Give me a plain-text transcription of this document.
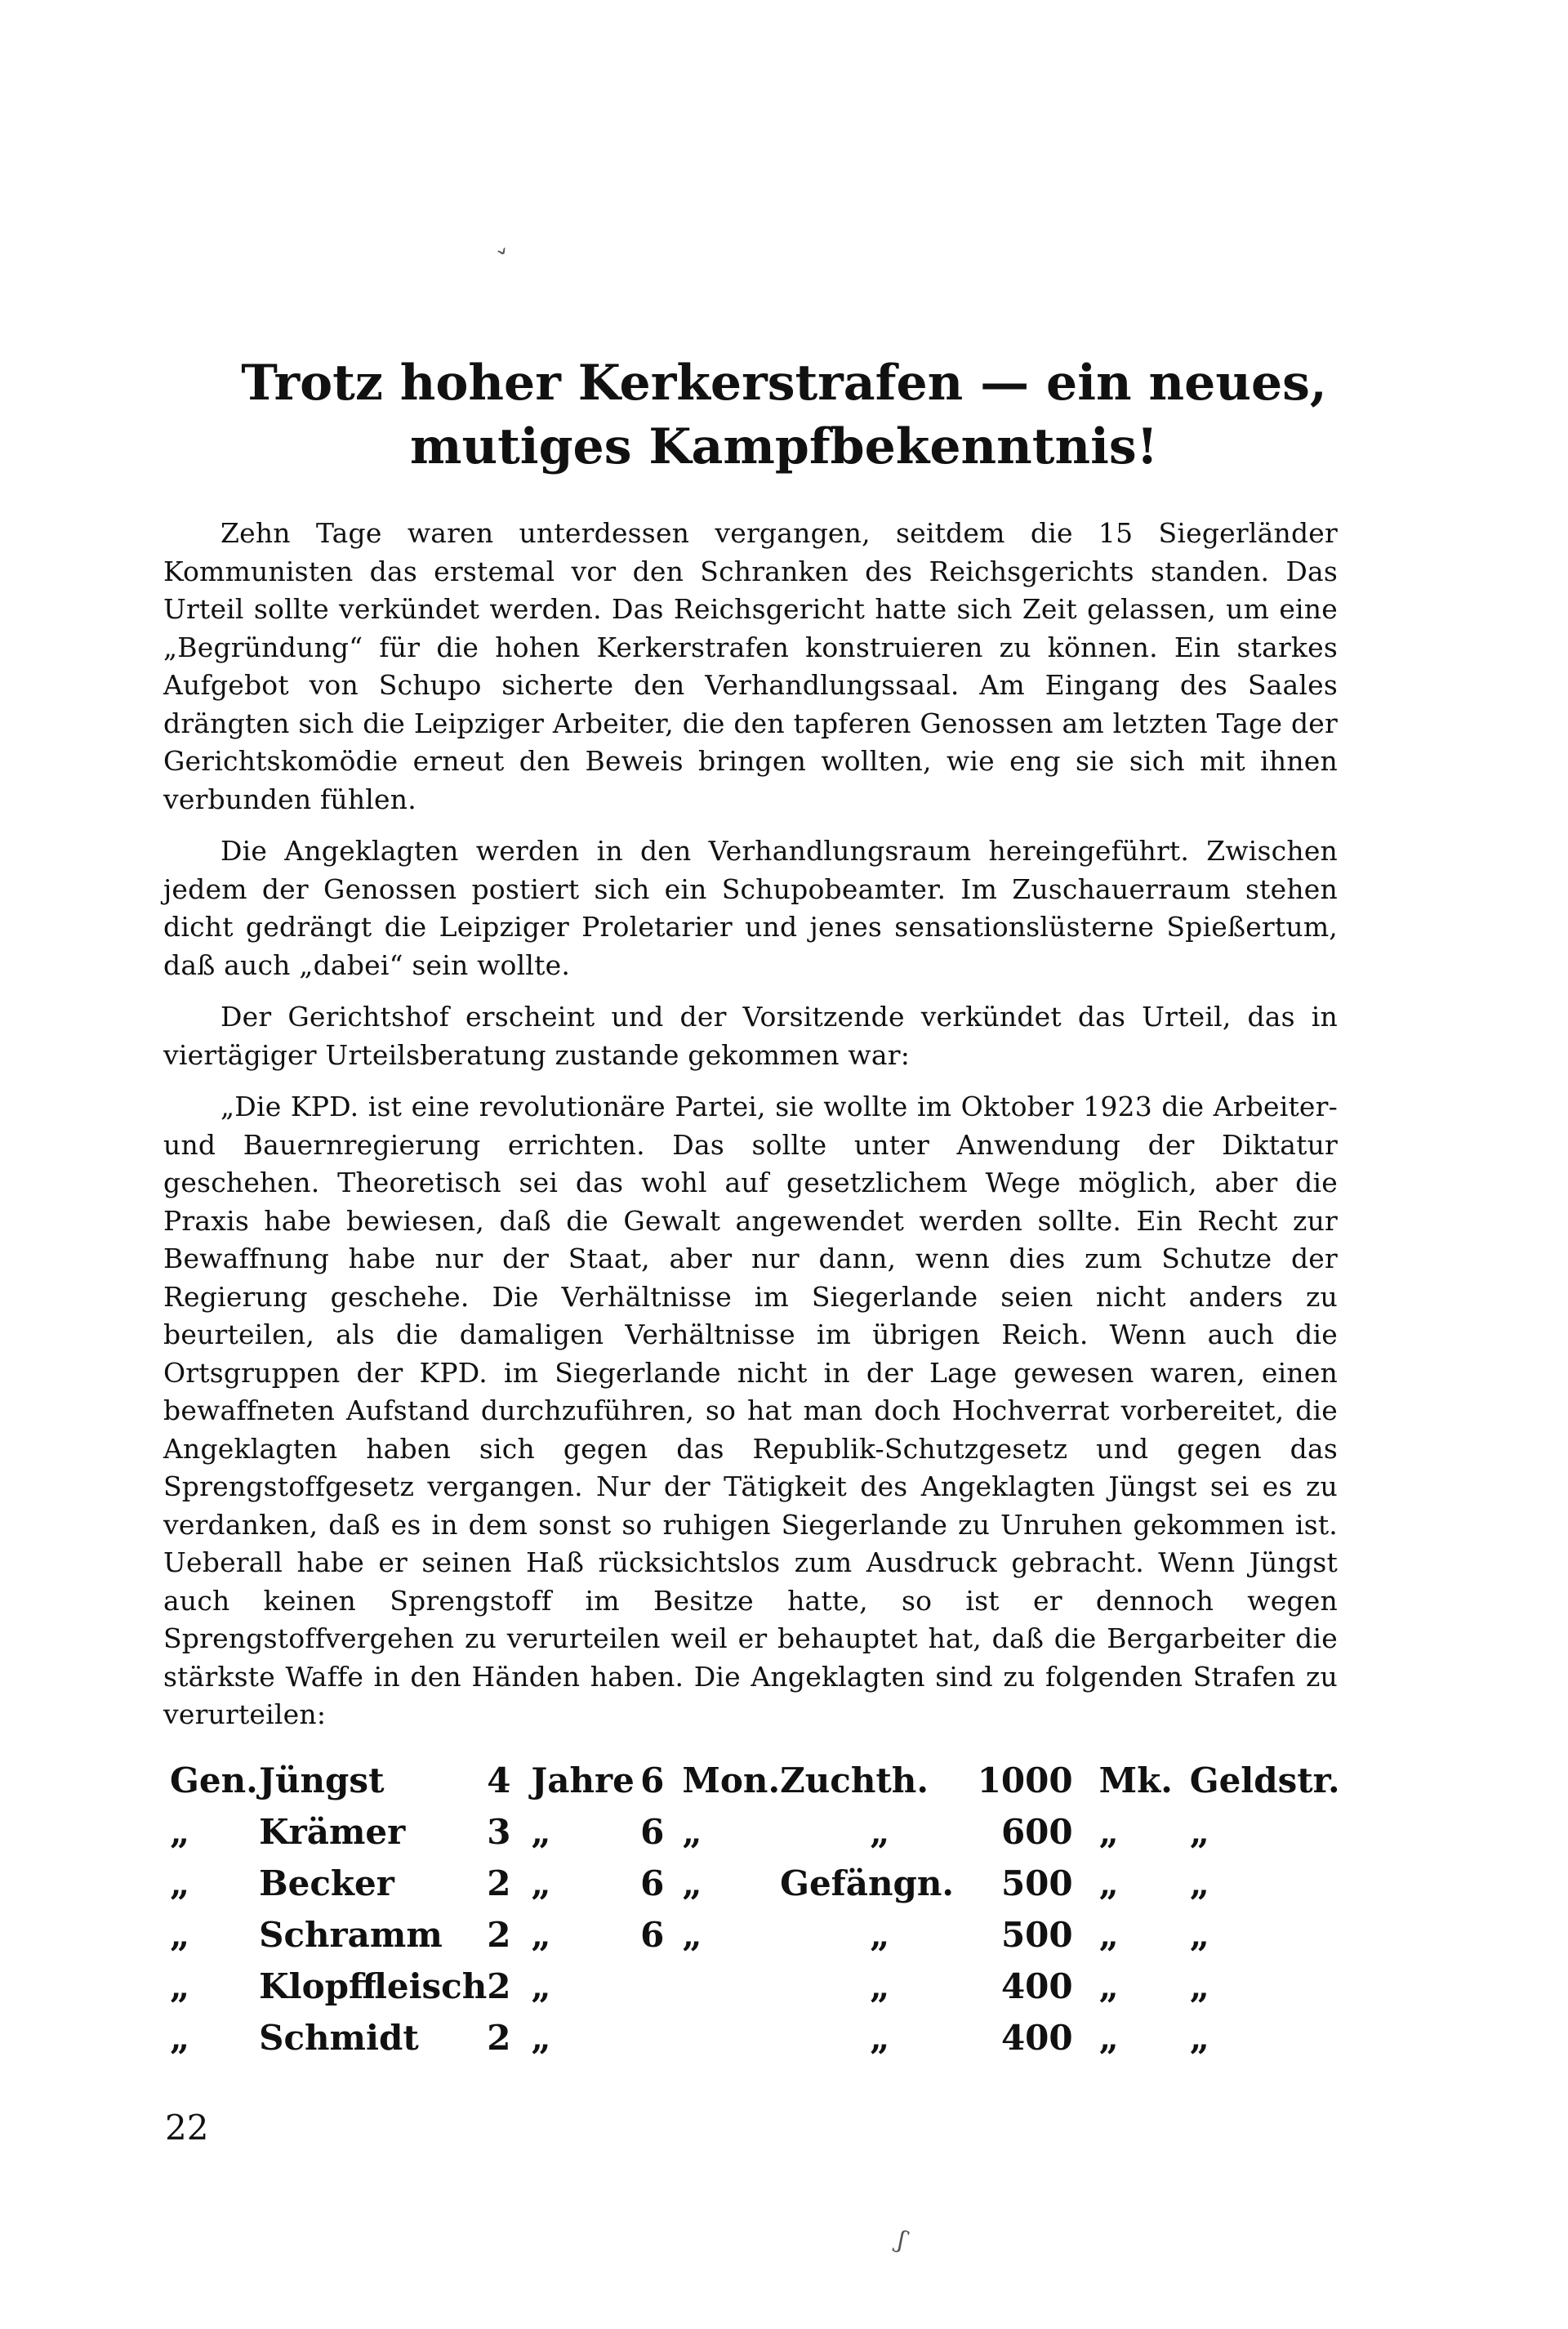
ˇ
Trotz hoher Kerkerstrafen — ein neues,
mutiges Kampfbekenntnis!

Zehn Tage waren unterdessen vergangen, seitdem die 15 Siegerländer Kommunisten das erstemal vor den Schranken des Reichsgerichts standen. Das Urteil sollte verkündet werden. Das Reichsgericht hatte sich Zeit gelassen, um eine „Begründung“ für die hohen Kerkerstrafen konstruieren zu können. Ein starkes Aufgebot von Schupo sicherte den Verhandlungssaal. Am Eingang des Saales drängten sich die Leipziger Arbeiter, die den tapferen Genossen am letzten Tage der Gerichtskomödie erneut den Beweis bringen wollten, wie eng sie sich mit ihnen verbunden fühlen.

Die Angeklagten werden in den Verhandlungsraum hereingeführt. Zwischen jedem der Genossen postiert sich ein Schupobeamter. Im Zuschauerraum stehen dicht gedrängt die Leipziger Proletarier und jenes sensationslüsterne Spießertum, daß auch „dabei“ sein wollte.

Der Gerichtshof erscheint und der Vorsitzende verkündet das Urteil, das in viertägiger Urteilsberatung zustande gekommen war:

„Die KPD. ist eine revolutionäre Partei, sie wollte im Oktober 1923 die Arbeiter- und Bauernregierung errichten. Das sollte unter Anwendung der Diktatur geschehen. Theoretisch sei das wohl auf gesetzlichem Wege möglich, aber die Praxis habe bewiesen, daß die Gewalt angewendet werden sollte. Ein Recht zur Bewaffnung habe nur der Staat, aber nur dann, wenn dies zum Schutze der Regierung geschehe. Die Verhältnisse im Siegerlande seien nicht anders zu beurteilen, als die damaligen Verhältnisse im übrigen Reich. Wenn auch die Ortsgruppen der KPD. im Siegerlande nicht in der Lage gewesen waren, einen bewaffneten Aufstand durchzuführen, so hat man doch Hochverrat vorbereitet, die Angeklagten haben sich gegen das Republik-Schutzgesetz und gegen das Sprengstoffgesetz vergangen. Nur der Tätigkeit des Angeklagten Jüngst sei es zu verdanken, daß es in dem sonst so ruhigen Siegerlande zu Unruhen gekommen ist. Ueberall habe er seinen Haß rücksichtslos zum Ausdruck gebracht. Wenn Jüngst auch keinen Sprengstoff im Besitze hatte, so ist er dennoch wegen Sprengstoffvergehen zu verurteilen weil er behauptet hat, daß die Bergarbeiter die stärkste Waffe in den Händen haben. Die Angeklagten sind zu folgenden Strafen zu verurteilen:

Gen.	Jüngst	4	Jahre	6	Mon.	Zuchth.	1000	Mk.	Geldstr.
„	Krämer	3	„	6	„	„	600	„	„
„	Becker	2	„	6	„	Gefängn.	500	„	„
„	Schramm	2	„	6	„	„	500	„	„
„	Klopffleisch	2	„			„	400	„	„
„	Schmidt	2	„			„	400	„	„
22
ʃ
